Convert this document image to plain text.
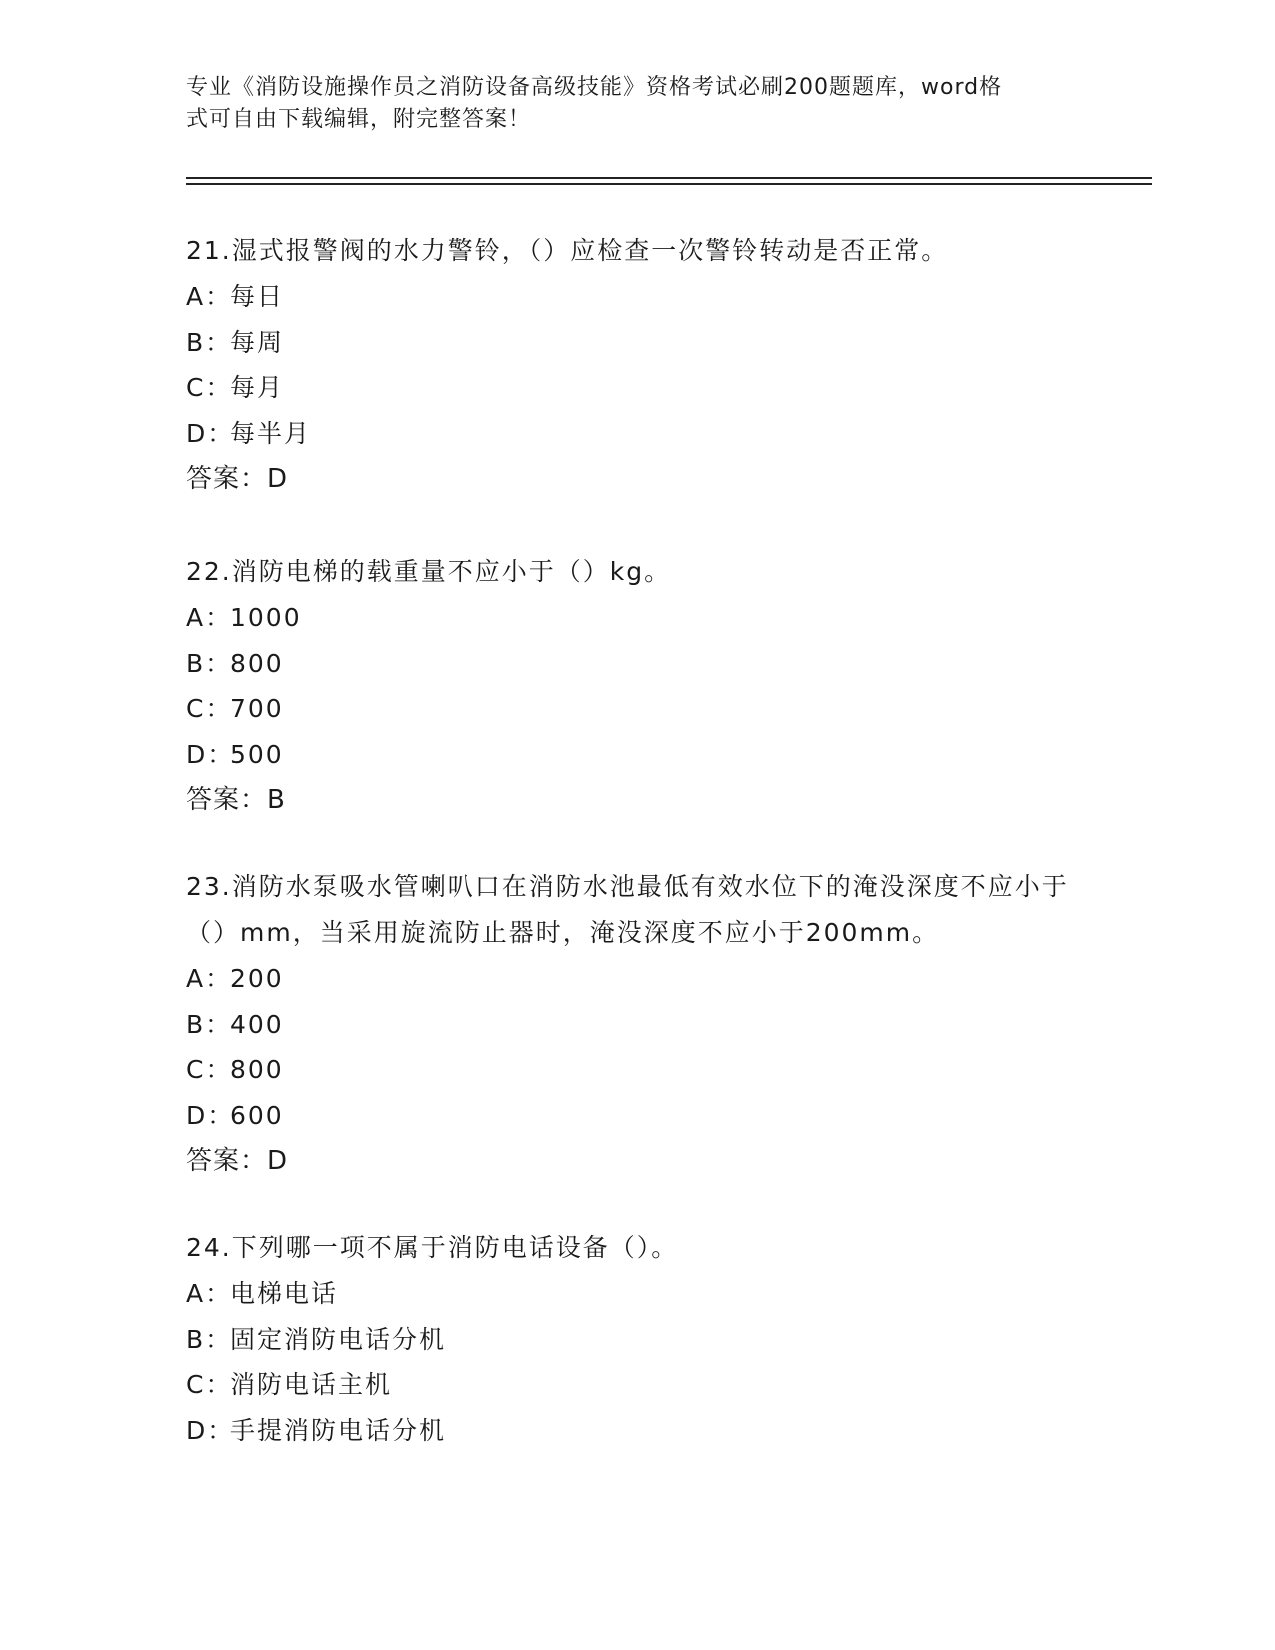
专业《消防设施操作员之消防设备高级技能》资格考试必刷200题题库，word格
式可自由下载编辑，附完整答案！
21.湿式报警阀的水力警铃，（）应检查一次警铃转动是否正常。
A：每日
B：每周
C：每月
D：每半月
答案：D
22.消防电梯的载重量不应小于（）kg。
A：1000
B：800
C：700
D：500
答案：B
23.消防水泵吸水管喇叭口在消防水池最低有效水位下的淹没深度不应小于（）mm，当采用旋流防止器时，淹没深度不应小于200mm。
A：200
B：400
C：800
D：600
答案：D
24.下列哪一项不属于消防电话设备（）。
A：电梯电话
B：固定消防电话分机
C：消防电话主机
D：手提消防电话分机
